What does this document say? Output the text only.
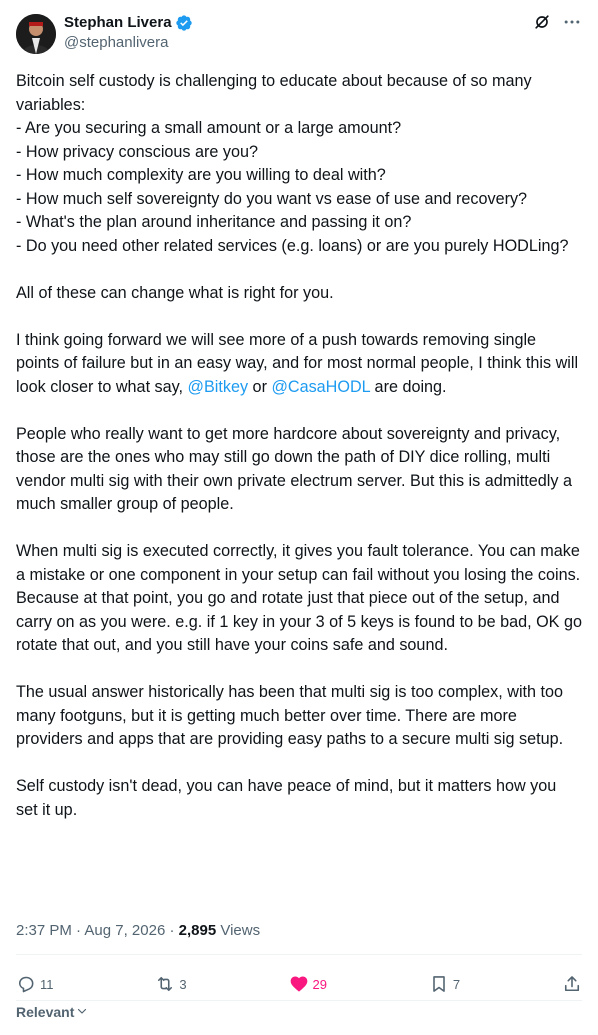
Stephan Livera
@stephanlivera
Bitcoin self custody is challenging to educate about because of so many variables:
- Are you securing a small amount or a large amount?
- How privacy conscious are you?
- How much complexity are you willing to deal with?
- How much self sovereignty do you want vs ease of use and recovery?
- What's the plan around inheritance and passing it on?
- Do you need other related services (e.g. loans) or are you purely HODLing?

All of these can change what is right for you.

I think going forward we will see more of a push towards removing single points of failure but in an easy way, and for most normal people, I think this will look closer to what say, @Bitkey or @CasaHODL are doing.

People who really want to get more hardcore about sovereignty and privacy, those are the ones who may still go down the path of DIY dice rolling, multi vendor multi sig with their own private electrum server. But this is admittedly a much smaller group of people.

When multi sig is executed correctly, it gives you fault tolerance. You can make a mistake or one component in your setup can fail without you losing the coins. Because at that point, you go and rotate just that piece out of the setup, and carry on as you were. e.g. if 1 key in your 3 of 5 keys is found to be bad, OK go rotate that out, and you still have your coins safe and sound.

The usual answer historically has been that multi sig is too complex, with too many footguns, but it is getting much better over time. There are more providers and apps that are providing easy paths to a secure multi sig setup.

Self custody isn't dead, you can have peace of mind, but it matters how you set it up.
2:37 PM · Aug 7, 2026 · 2,895 Views
11	3	29	7
Relevant
